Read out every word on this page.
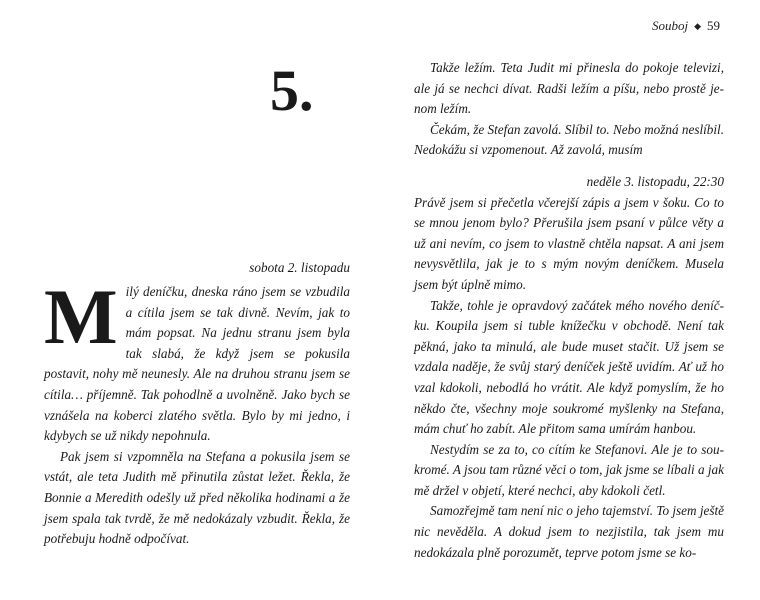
5.
sobota 2. listopadu

Milý deníčku, dneska ráno jsem se vzbudila a cítila jsem se tak divně. Nevím, jak to mám popsat. Na jednu stranu jsem byla tak slabá, že když jsem se pokusila postavit, nohy mě neunesly. Ale na druhou stranu jsem se cítila… příjemně. Tak pohodlně a uvolněně. Jako bych se vznášela na koberci zlatého světla. Bylo by mi jedno, i kdybych se už nikdy nepohnula.

Pak jsem si vzpomněla na Stefana a pokusila jsem se vstát, ale teta Judith mě přinutila zůstat ležet. Řekla, že Bonnie a Meredith odešly už před několika hodinami a že jsem spala tak tvrdě, že mě nedokázaly vzbudit. Řekla, že potřebuju hodně odpočívat.

Souboj ◆ 59

Takže ležím. Teta Judit mi přinesla do pokoje televizi, ale já se nechci dívat. Radši ležím a píšu, nebo prostě jenom ležím.

Čekám, že Stefan zavolá. Slíbil to. Nebo možná neslíbil. Nedokážu si vzpomenout. Až zavolá, musím

neděle 3. listopadu, 22:30

Právě jsem si přečetla včerejší zápis a jsem v šoku. Co to se mnou jenom bylo? Přerušila jsem psaní v půlce věty a už ani nevím, co jsem to vlastně chtěla napsat. A ani jsem nevysvětlila, jak je to s mým novým deníčkem. Musela jsem být úplně mimo.

Takže, tohle je opravdový začátek mého nového deníčku. Koupila jsem si tuble knížečku v obchodě. Není tak pěkná, jako ta minulá, ale bude muset stačit. Už jsem se vzdala naděje, že svůj starý deníček ještě uvidím. Ať už ho vzal kdokoli, nebodlá ho vrátit. Ale když pomyslím, že ho někdo čte, všechny moje soukromé myšlenky na Stefana, mám chuť ho zabít. Ale přitom sama umírám hanbou.

Nestydím se za to, co cítím ke Stefanovi. Ale je to soukromé. A jsou tam různé věci o tom, jak jsme se líbali a jak mě držel v objetí, které nechci, aby kdokoli četl.

Samozřejmě tam není nic o jeho tajemství. To jsem ještě nic nevěděla. A dokud jsem to nezjistila, tak jsem mu nedokázala plně porozumět, teprve potom jsme se ko-
